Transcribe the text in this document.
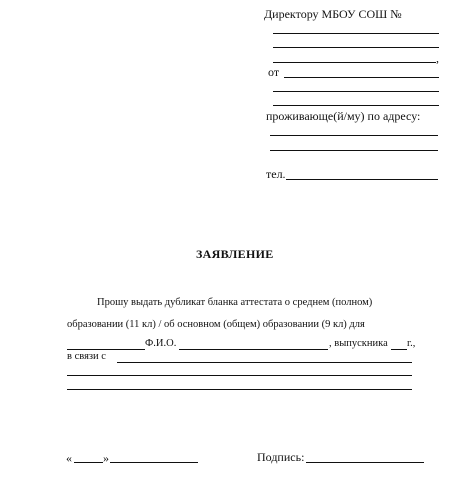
Директору МБОУ СОШ №
,
от
проживающе(й/му) по адресу:
тел.
ЗАЯВЛЕНИЕ
Прошу выдать дубликат бланка аттестата о среднем (полном)
образовании (11 кл) / об основном (общем) образовании (9 кл) для
Ф.И.О.	, выпускника г.,
в связи с
«	»	Подпись:
